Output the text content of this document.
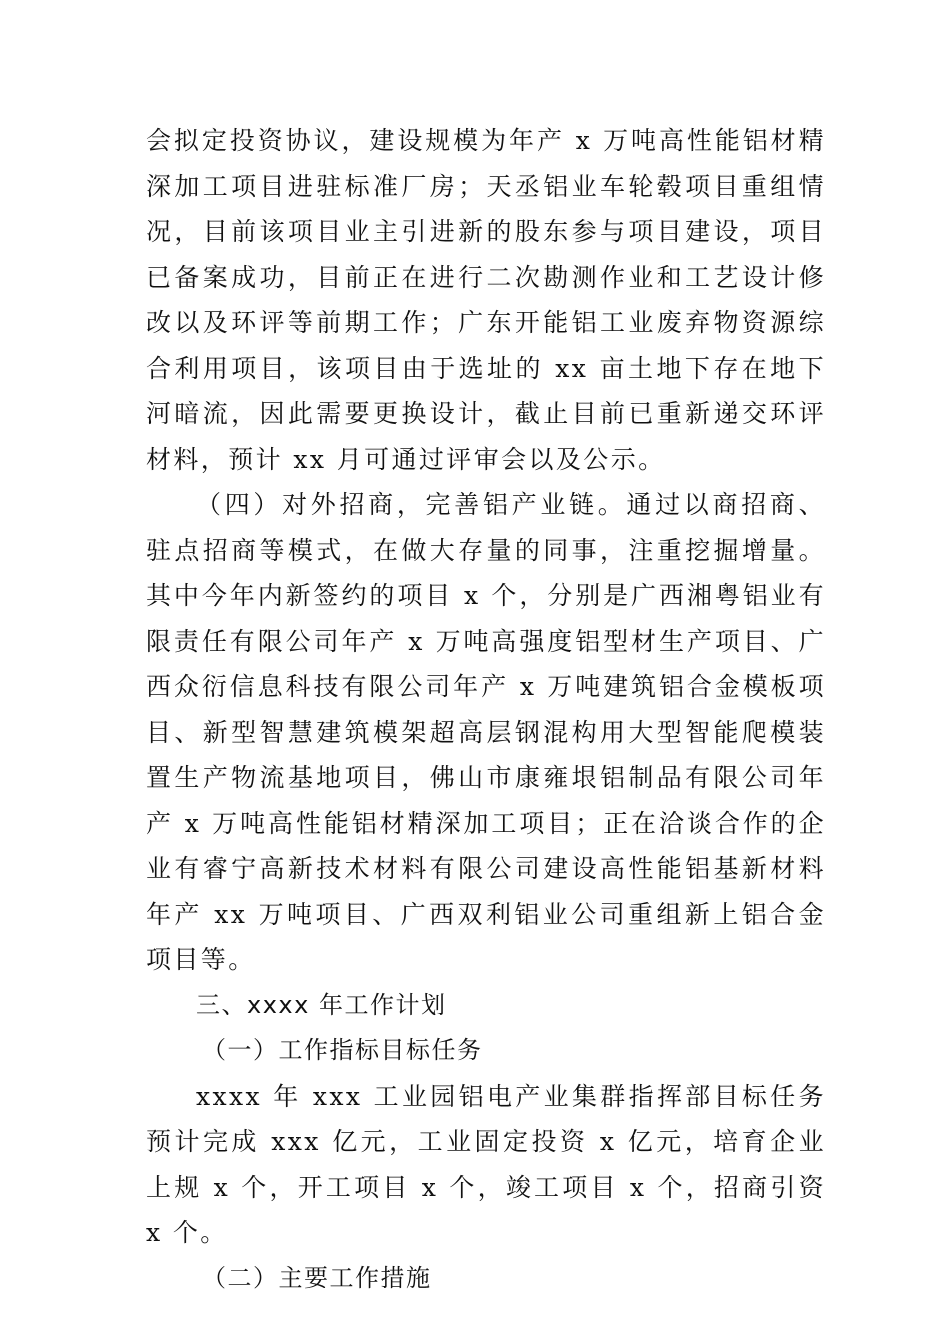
会拟定投资协议，建设规模为年产 x 万吨高性能铝材精深加工项目进驻标准厂房；天丞铝业车轮毂项目重组情况，目前该项目业主引进新的股东参与项目建设，项目已备案成功，目前正在进行二次勘测作业和工艺设计修改以及环评等前期工作；广东开能铝工业废弃物资源综合利用项目，该项目由于选址的 xx 亩土地下存在地下河暗流，因此需要更换设计，截止目前已重新递交环评材料，预计 xx 月可通过评审会以及公示。

（四）对外招商，完善铝产业链。通过以商招商、驻点招商等模式，在做大存量的同事，注重挖掘增量。其中今年内新签约的项目 x 个，分别是广西湘粤铝业有限责任有限公司年产 x 万吨高强度铝型材生产项目、广西众衍信息科技有限公司年产 x 万吨建筑铝合金模板项目、新型智慧建筑模架超高层钢混构用大型智能爬模装置生产物流基地项目，佛山市康雍垠铝制品有限公司年产 x 万吨高性能铝材精深加工项目；正在洽谈合作的企业有睿宁高新技术材料有限公司建设高性能铝基新材料年产 xx 万吨项目、广西双利铝业公司重组新上铝合金项目等。

三、xxxx 年工作计划

（一）工作指标目标任务

xxxx 年 xxx 工业园铝电产业集群指挥部目标任务预计完成 xxx 亿元，工业固定投资 x 亿元，培育企业上规 x 个，开工项目 x 个，竣工项目 x 个，招商引资 x 个。

（二）主要工作措施
